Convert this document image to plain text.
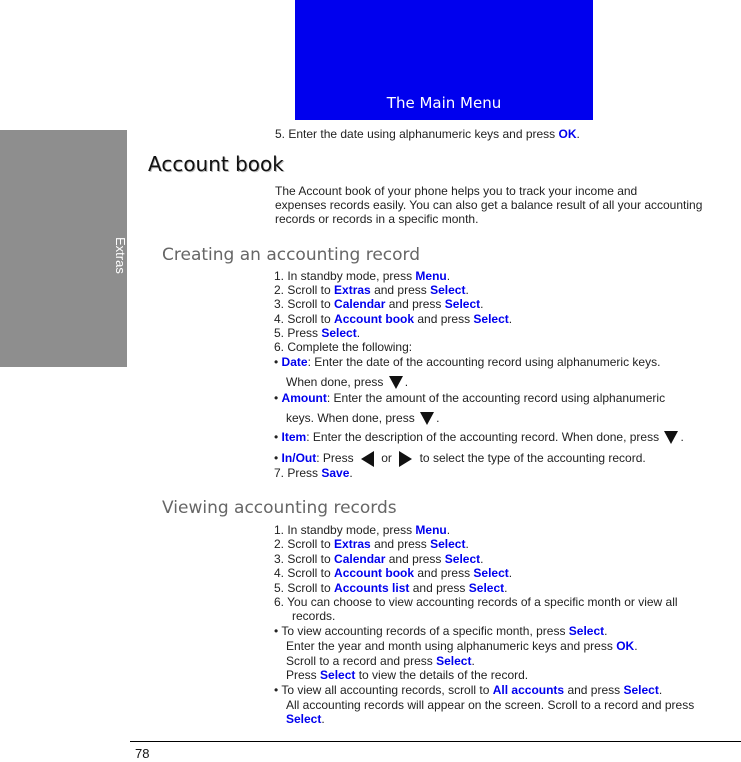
Extras
The Main Menu
5. Enter the date using alphanumeric keys and press OK.
Account book
The Account book of your phone helps you to track your income and
expenses records easily. You can also get a balance result of all your accounting
records or records in a specific month.
Creating an accounting record
1. In standby mode, press Menu.
2. Scroll to Extras and press Select.
3. Scroll to Calendar and press Select.
4. Scroll to Account book and press Select.
5. Press Select.
6. Complete the following:
• Date: Enter the date of the accounting record using alphanumeric keys.
When done, press .
• Amount: Enter the amount of the accounting record using alphanumeric
keys. When done, press .
• Item: Enter the description of the accounting record. When done, press .
• In/Out: Press  or  to select the type of the accounting record.
7. Press Save.
Viewing accounting records
1. In standby mode, press Menu.
2. Scroll to Extras and press Select.
3. Scroll to Calendar and press Select.
4. Scroll to Account book and press Select.
5. Scroll to Accounts list and press Select.
6. You can choose to view accounting records of a specific month or view all
records.
• To view accounting records of a specific month, press Select.
Enter the year and month using alphanumeric keys and press OK.
Scroll to a record and press Select.
Press Select to view the details of the record.
• To view all accounting records, scroll to All accounts and press Select.
All accounting records will appear on the screen. Scroll to a record and press
Select.
78
